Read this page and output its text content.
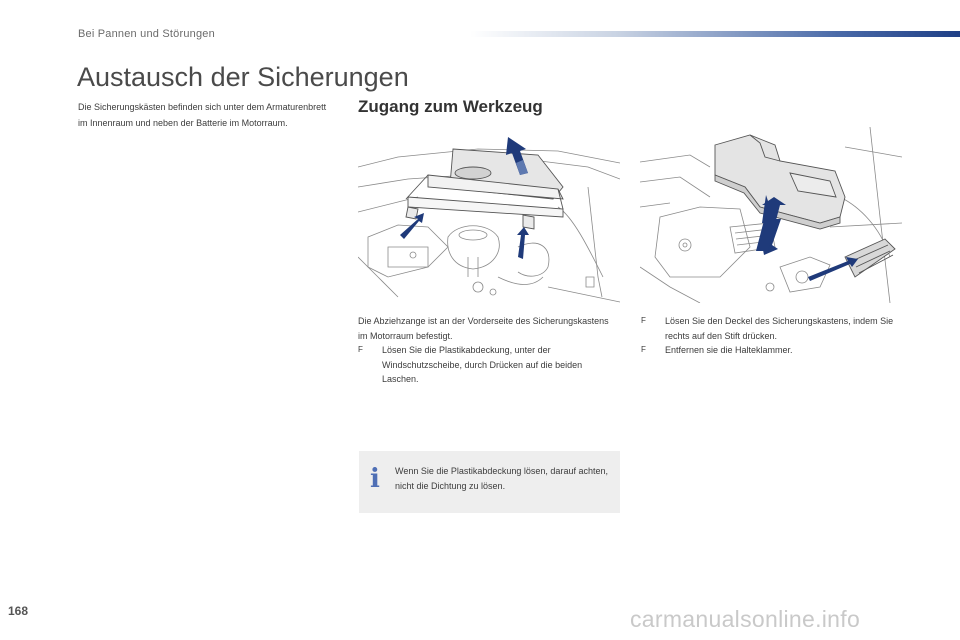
Bei Pannen und Störungen
Austausch der Sicherungen
Die Sicherungskästen befinden sich unter dem Armaturenbrett im Innenraum und neben der Batterie im Motorraum.
Zugang zum Werkzeug
Die Abziehzange ist an der Vorderseite des Sicherungskastens im Motorraum befestigt.
F Lösen Sie die Plastikabdeckung, unter der Windschutzscheibe, durch Drücken auf die beiden Laschen.
F Lösen Sie den Deckel des Sicherungskastens, indem Sie rechts auf den Stift drücken.
F Entfernen sie die Halteklammer.
i Wenn Sie die Plastikabdeckung lösen, darauf achten, nicht die Dichtung zu lösen.
168	carmanualsonline.info
